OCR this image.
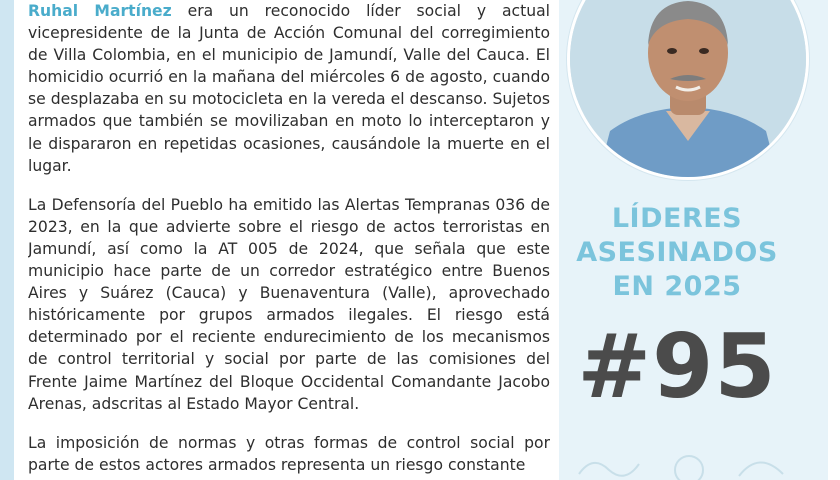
Ruhal Martínez era un reconocido líder social y actual vicepresidente de la Junta de Acción Comunal del corregimiento de Villa Colombia, en el municipio de Jamundí, Valle del Cauca. El homicidio ocurrió en la mañana del miércoles 6 de agosto, cuando se desplazaba en su motocicleta en la vereda el descanso. Sujetos armados que también se movilizaban en moto lo interceptaron y le dispararon en repetidas ocasiones, causándole la muerte en el lugar.

La Defensoría del Pueblo ha emitido las Alertas Tempranas 036 de 2023, en la que advierte sobre el riesgo de actos terroristas en Jamundí, así como la AT 005 de 2024, que señala que este municipio hace parte de un corredor estratégico entre Buenos Aires y Suárez (Cauca) y Buenaventura (Valle), aprovechado históricamente por grupos armados ilegales. El riesgo está determinado por el reciente endurecimiento de los mecanismos de control territorial y social por parte de las comisiones del Frente Jaime Martínez del Bloque Occidental Comandante Jacobo Arenas, adscritas al Estado Mayor Central.

La imposición de normas y otras formas de control social por parte de estos actores armados representa un riesgo constante

LÍDERES
ASESINADOS
EN 2025
#95
